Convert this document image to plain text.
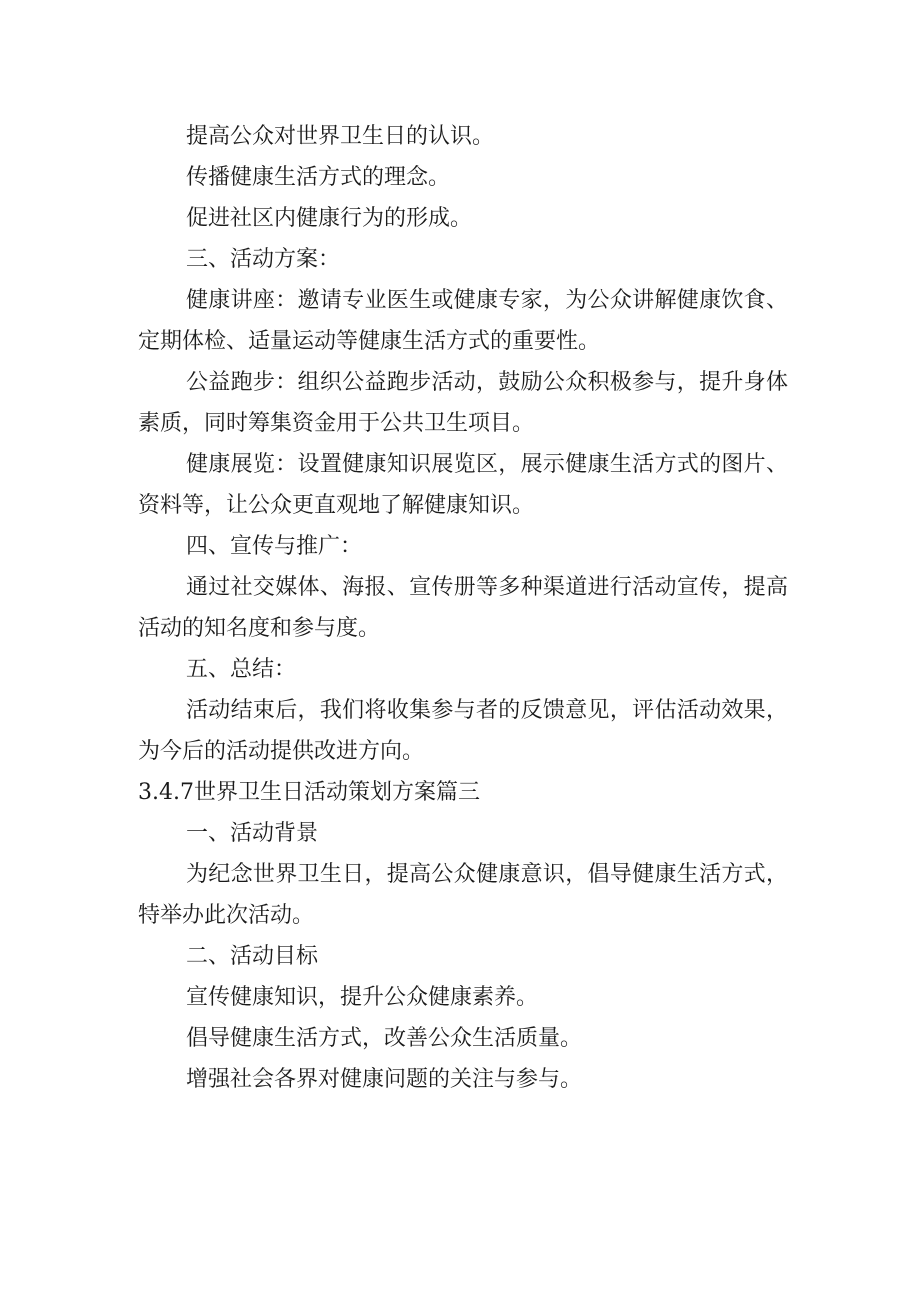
提高公众对世界卫生日的认识。

传播健康生活方式的理念。

促进社区内健康行为的形成。

三、活动方案：

健康讲座：邀请专业医生或健康专家，为公众讲解健康饮食、定期体检、适量运动等健康生活方式的重要性。

公益跑步：组织公益跑步活动，鼓励公众积极参与，提升身体素质，同时筹集资金用于公共卫生项目。

健康展览：设置健康知识展览区，展示健康生活方式的图片、资料等，让公众更直观地了解健康知识。

四、宣传与推广：

通过社交媒体、海报、宣传册等多种渠道进行活动宣传，提高活动的知名度和参与度。

五、总结：

活动结束后，我们将收集参与者的反馈意见，评估活动效果，为今后的活动提供改进方向。

3.4.7世界卫生日活动策划方案篇三

一、活动背景

为纪念世界卫生日，提高公众健康意识，倡导健康生活方式，特举办此次活动。

二、活动目标

宣传健康知识，提升公众健康素养。

倡导健康生活方式，改善公众生活质量。

增强社会各界对健康问题的关注与参与。
